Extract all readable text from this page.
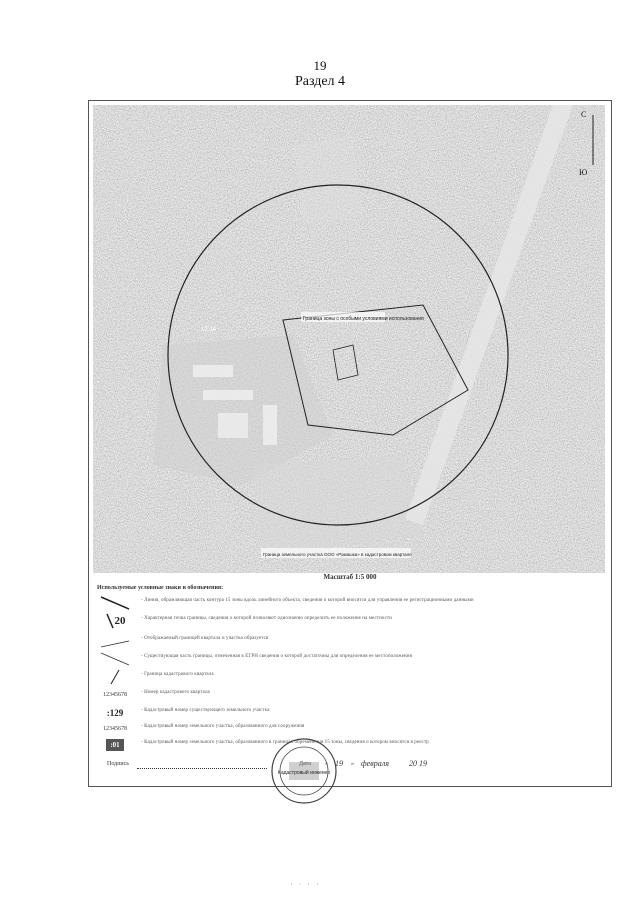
19
Раздел 4
С
Ю
Граница зоны с особыми условиями использования
12:14
Граница земельного участка ООО «Ромашка» в кадастровом квартале
Масштаб 1:5 000
Используемые условные знаки и обозначения:
- Линия, обрамляющая часть контура 15 зоны вдоль линейного объекта, сведения о которой вносятся для управления ее регистрационными данными
20	- Характерная точка границы, сведения о которой позволяют однозначно определить ее положение на местности
- Отображаемый границей квартала и участка образуется
- Существующая часть границы, отмеченная в ЕГРН сведения о которой достаточны для определения ее местоположения
- Граница кадастрового квартала
12345678	- Номер кадастрового квартала
:129	- Кадастровый номер существующего земельного участка
12345678	- Кадастровый номер земельного участка, образованного для сооружения
:01	- Кадастровый номер земельного участка, образованного в границах обременения 15 зоны, сведения о котором вносятся в реестр
Подпись	Дата « 19 » февраля	20 19
Кадастровый инженер
· · · ·
